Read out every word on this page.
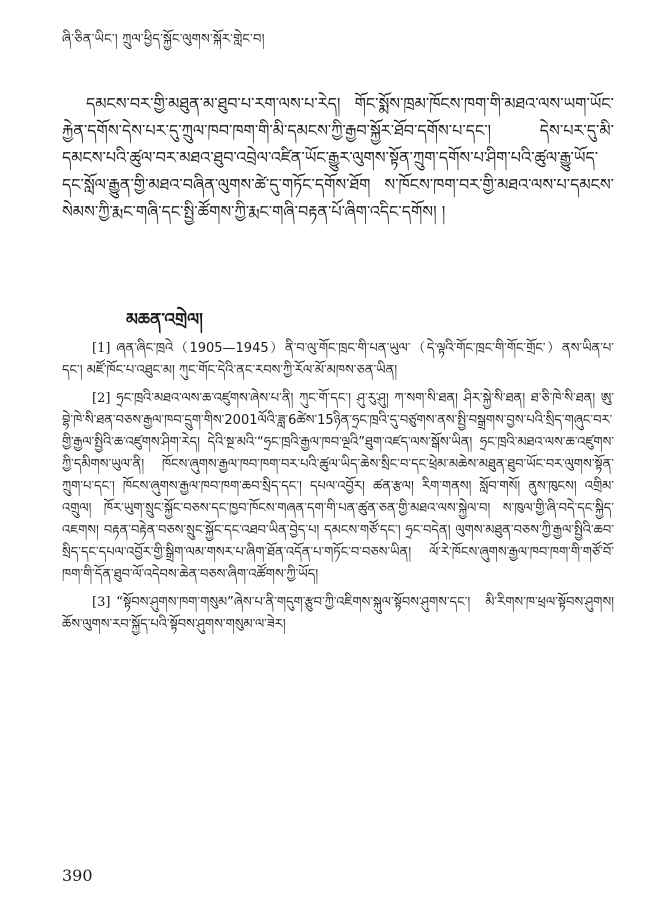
ཞི་ཅིན་ཡིང་། ཀྲུལ་ཕྱིད་སྐྱོང་ལུགས་སྐོར་གླེང་བ།
དམངས་བར་གྱི་མཐུན་མ་ཐུབ་པ་རག་ལས་པ་རེད། གོང་སྨོས་ཁྲམ་ཁོངས་ཁག་གི་མཐའ་ལས་ཡག་ཡོང་རྐྱེན་དགོས་དེས་པར་དུ་ཀྲུལ་ཁབ་ཁག་གི་མི་དམངས་ཀྱི་རྒྱབ་སྐྱོར་ཐོབ་དགོས་པ་དང་། དེས་པར་དུ་མི་དམངས་པའི་ཚུལ་བར་མཐའ་ཐུབ་འབྲེལ་འཛིན་ཡོང་རྒྱུར་ལུགས་སྟོན་ཀྲུག་དགོས་པ་ཤིག་པའི་ཚུལ་རྒྱུ་ཡོད་དང་སློལ་རྒྱུན་གྱི་མཐའ་བཞིན་ལུགས་ཚེ་དུ་གཏོང་དགོས་ཐོག ས་ཁོངས་ཁག་བར་གྱི་མཐའ་ལས་པ་དམངས་སེམས་ཀྱི་རྨང་གཞི་དང་སྤྱི་ཚོགས་ཀྱི་རྨང་གཞི་བརྟན་པོ་ཞིག་འདིང་དགོས། །
མཆན་འགྲེལ།

[1] ཞན་ཞིང་ཁྲའེ（1905—1945）ནི་བ་ལུ་གོང་ཁྲང་གི་པན་ཡུལ་（དེ་ལྟའི་གོང་ཁྲང་གི་གོང་གྲོང་）ནས་ཡིན་པ་དང་། མཛོ་ཁོང་པ་འཐུང་མ། ཀུང་གོང་དེའི་ནང་རབས་ཀྱི་རོལ་མོ་མཁས་ཅན་ཡིན།

[2] ཧྲང་ཁྲའི་མཐའ་ལས་ཆ་འཛུགས་ཞེས་པ་ནི། ཀུང་གོ་དང་། ཤུ་རུ་ཤུ། ཀ་སག་སི་ཐན། ཤིར་སྐྱེ་སི་ཐན། ཐ་ཅི་ཁེ་སི་ཐན། ཨུ་བྷེ་ཁེ་སི་ཐན་བཅས་རྒྱལ་ཁབ་དྲུག་གིས་2001ལོའི་ཟླ་6ཚེས་15ཉིན་ཧྲང་ཁྲའི་དུ་བཙུགས་ནས་སྤྱི་བསྒྲགས་བྱས་པའི་སྲིད་གཞུང་བར་གྱི་རྒྱལ་སྤྱིའི་ཆ་འཛུགས་ཤིག་རེད། དེའི་སྔ་མའི་“ཧྲང་ཁྲའི་རྒྱལ་ཁབ་ལྔའི”ཐུག་འཛད་ལས་སྒོས་ཡིན། ཧྲང་ཁྲའི་མཐའ་ལས་ཆ་འཛུགས་ཀྱི་དམིགས་ཡུལ་ནི། ཁོངས་ཞུགས་རྒྱལ་ཁབ་ཁག་བར་པའི་ཚུལ་ཡིད་ཆེས་སྲིང་བ་དང་ཕྲེམ་མཆེས་མཐུན་ཐུབ་ཡོང་བར་ལུགས་སྟོན་ཀྲུག་པ་དང་། ཁོངས་ཞུགས་རྒྱལ་ཁབ་ཁག་ཆབ་སྲིད་དང་། དཔལ་འབྱོར། ཚན་རྩལ། རིག་གནས། སློབ་གསོ། ནུས་ཁུངས། འགྲིམ་འགྲུལ། ཁོར་ཡུག་སྲུང་སྐྱོང་བཅས་དང་ཁྱབ་ཁོངས་གཞན་དག་གི་པན་ཚུན་ཅན་གྱི་མཐའ་ལས་སྐྱེལ་བ། ས་ཁུལ་གྱི་ཞི་བདེ་དང་སྐྱིད་འཇགས། བརྟན་བརྟེན་བཅས་སྲུང་སྐྱོང་དང་འཐབ་ཡིན་བྱེད་པ། དམངས་གཙོ་དང་། ཧྲང་བདེན། ལུགས་མཐུན་བཅས་ཀྱི་རྒྱལ་སྤྱིའི་ཆབ་སྲིད་དང་དཔལ་འབྱོར་གྱི་སྒྲིག་ལམ་གསར་པ་ཞིག་ཐོན་འདོན་པ་གཏོང་བ་བཅས་ཡིན། ལོ་རེ་ཁོངས་ཞུགས་རྒྱལ་ཁབ་ཁག་གི་གཙོ་བོ་ཁག་གི་དོན་ཐུབ་ལོ་འདེབས་ཆེན་བཅས་ཞིག་འཚོགས་ཀྱི་ཡོད།

[3] “སྟོབས་ཤུགས་ཁག་གསུམ”ཞེས་པ་ནི་གདུག་རྩུབ་ཀྱི་འཇིགས་སྐུལ་སྟོབས་ཤུགས་དང་། མི་རིགས་ཁ་ཕྲལ་སྟོབས་ཤུགས། ཆོས་ལུགས་རབ་སྐྱོད་པའི་སྟོབས་ཤུགས་གསུམ་ལ་ཟེར།

390
